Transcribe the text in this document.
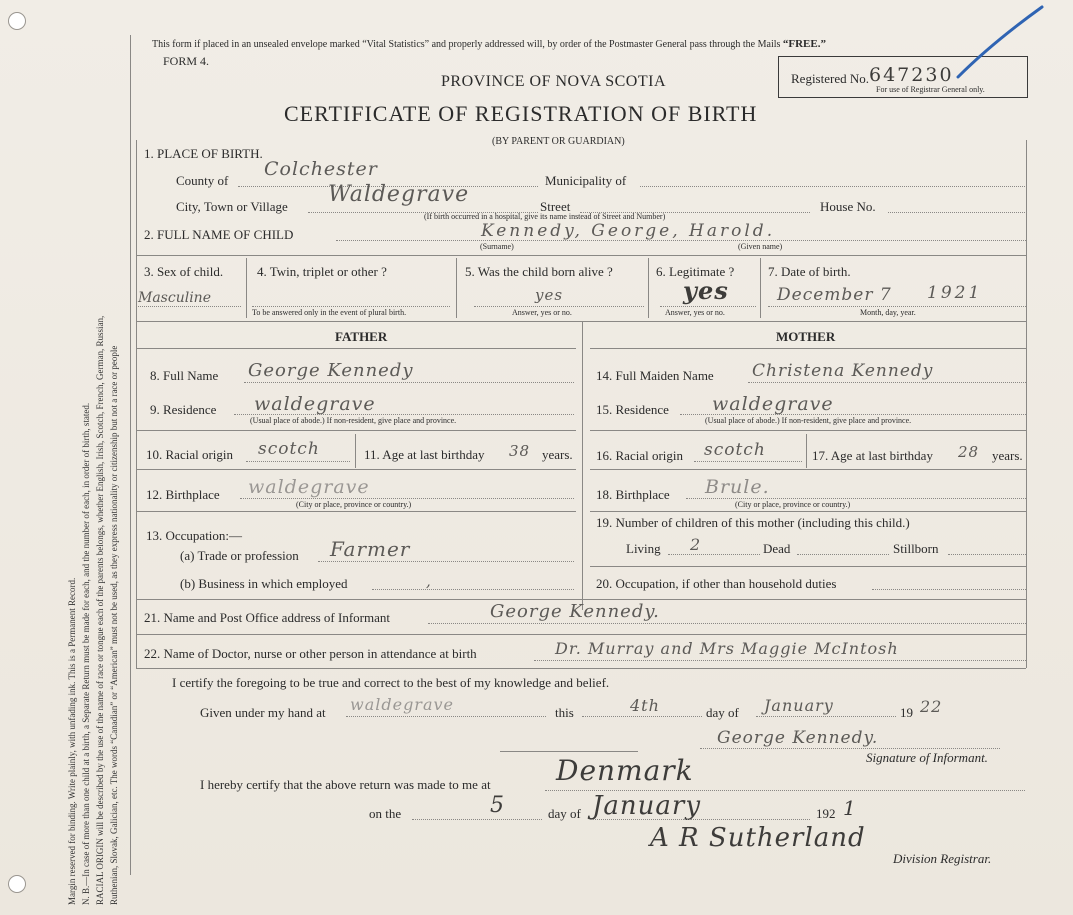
Margin reserved for binding. Write plainly, with unfading ink. This is a Permanent Record. N. B.—In case of more than one child at a birth, a Separate Return must be made for each, and the number of each, in order of birth, stated. RACIAL ORIGIN will be described by the use of the name of race or tongue each of the parents belongs, whether English, Irish, Scotch, French, German, Russian, Ruthenian, Slovak, Galician, etc. The words “Canadian” or “American” must not be used, as they express nationality or citizenship but not a race or people
This form if placed in an unsealed envelope marked “Vital Statistics” and properly addressed will, by order of the Postmaster General pass through the Mails “FREE.”
FORM 4.
Registered No. 647230
For use of Registrar General only.
PROVINCE OF NOVA SCOTIA
CERTIFICATE OF REGISTRATION OF BIRTH
(BY PARENT OR GUARDIAN)
1. PLACE OF BIRTH.
County of
Colchester
Municipality of
City, Town or Village Waldegrave	Street
(If birth occurred in a hospital, give its name instead of Street and Number)
House No.
2. FULL NAME OF CHILD	Kennedy, George, Harold.
(Surname)	(Given name)
3. Sex of child.
Masculine
4. Twin, triplet or other ?
To be answered only in the event of plural birth.
5. Was the child born alive ?
yes
Answer, yes or no.
6. Legitimate ?
yes
Answer, yes or no.
7. Date of birth.
December 7 1921
Month, day, year.
FATHER	MOTHER
8. Full Name George Kennedy	14. Full Maiden Name Christena Kennedy
9. Residence waldegrave
(Usual place of abode.) If non-resident, give place and province.
15. Residence waldegrave
(Usual place of abode.) If non-resident, give place and province.
10. Racial origin scotch	11. Age at last birthday 38 years. 16. Racial origin scotch	17. Age at last birthday 28 years.
12. Birthplace waldegrave
(City or place, province or country.)
18. Birthplace Brule.
(City or place, province or country.)
13. Occupation:—
(a) Trade or profession Farmer
(b) Business in which employed	,
19. Number of children of this mother (including this child.)
Living 2	Dead	Stillborn
20. Occupation, if other than household duties
21. Name and Post Office address of Informant	George Kennedy.
22. Name of Doctor, nurse or other person in attendance at birth	Dr. Murray and Mrs Maggie McIntosh
I certify the foregoing to be true and correct to the best of my knowledge and belief.
Given under my hand at waldegrave	this	4th	day of January	19 22
George Kennedy.
Signature of Informant.
I hereby certify that the above return was made to me at Denmark
on the	5	day of January	192 1
A R Sutherland
Division Registrar.
